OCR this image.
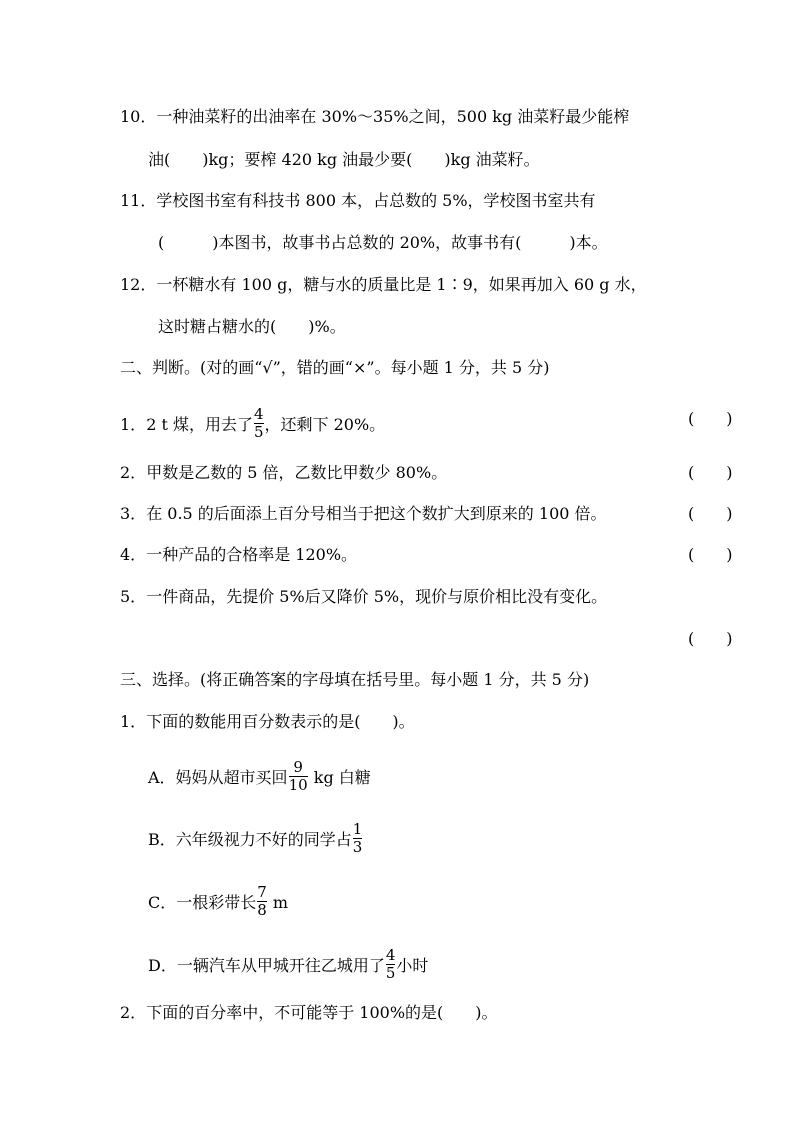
10．一种油菜籽的出油率在 30%～35%之间，500 kg 油菜籽最少能榨
油(　　)kg；要榨 420 kg 油最少要(　　)kg 油菜籽。
11．学校图书室有科技书 800 本，占总数的 5%，学校图书室共有
(　　　)本图书，故事书占总数的 20%，故事书有(　　　)本。
12．一杯糖水有 100 g，糖与水的质量比是 1∶9，如果再加入 60 g 水，
这时糖占糖水的(　　)%。
二、判断。(对的画“√”，错的画“×”。每小题 1 分，共 5 分)
1．2 t 煤，用去了 $\frac{4}{5}$ ，还剩下 20%。	(　　)
2．甲数是乙数的 5 倍，乙数比甲数少 80%。	(　　)
3．在 0.5 的后面添上百分号相当于把这个数扩大到原来的 100 倍。	(　　)
4．一种产品的合格率是 120%。	(　　)
5．一件商品，先提价 5%后又降价 5%，现价与原价相比没有变化。
(　　)
三、选择。(将正确答案的字母填在括号里。每小题 1 分，共 5 分)
1．下面的数能用百分数表示的是(　　)。
A．妈妈从超市买回 $\frac{9}{10}$ kg 白糖
B．六年级视力不好的同学占 $\frac{1}{3}$
C．一根彩带长 $\frac{7}{8}$ m
D．一辆汽车从甲城开往乙城用了 $\frac{4}{5}$ 小时
2．下面的百分率中，不可能等于 100%的是(　　)。
